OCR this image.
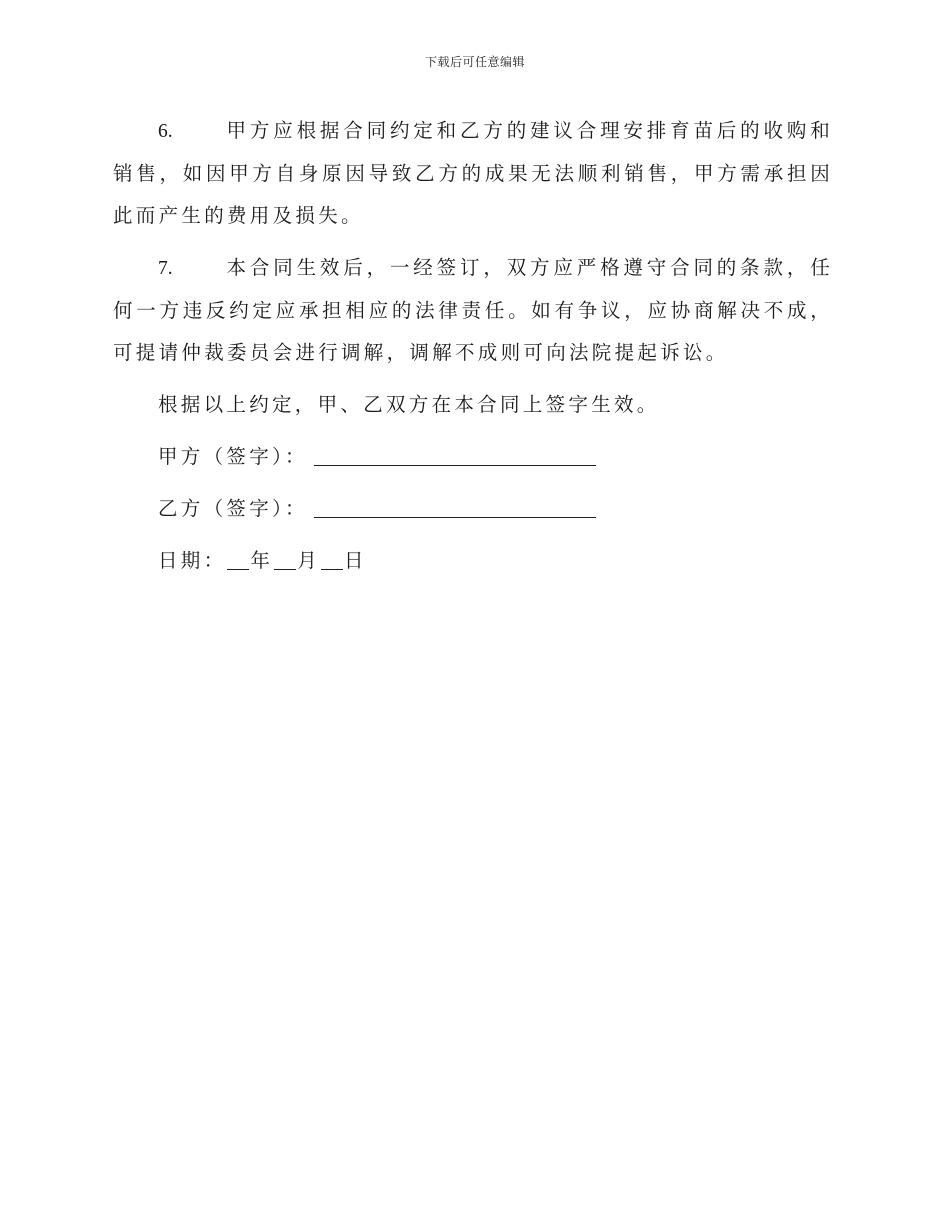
下载后可任意编辑

6.	甲方应根据合同约定和乙方的建议合理安排育苗后的收购和销售，如因甲方自身原因导致乙方的成果无法顺利销售，甲方需承担因此而产生的费用及损失。

7.	本合同生效后，一经签订，双方应严格遵守合同的条款，任何一方违反约定应承担相应的法律责任。如有争议，应协商解决不成，可提请仲裁委员会进行调解，调解不成则可向法院提起诉讼。

根据以上约定，甲、乙双方在本合同上签字生效。

甲方（签字）：

乙方（签字）：

日期： 年 月 日
